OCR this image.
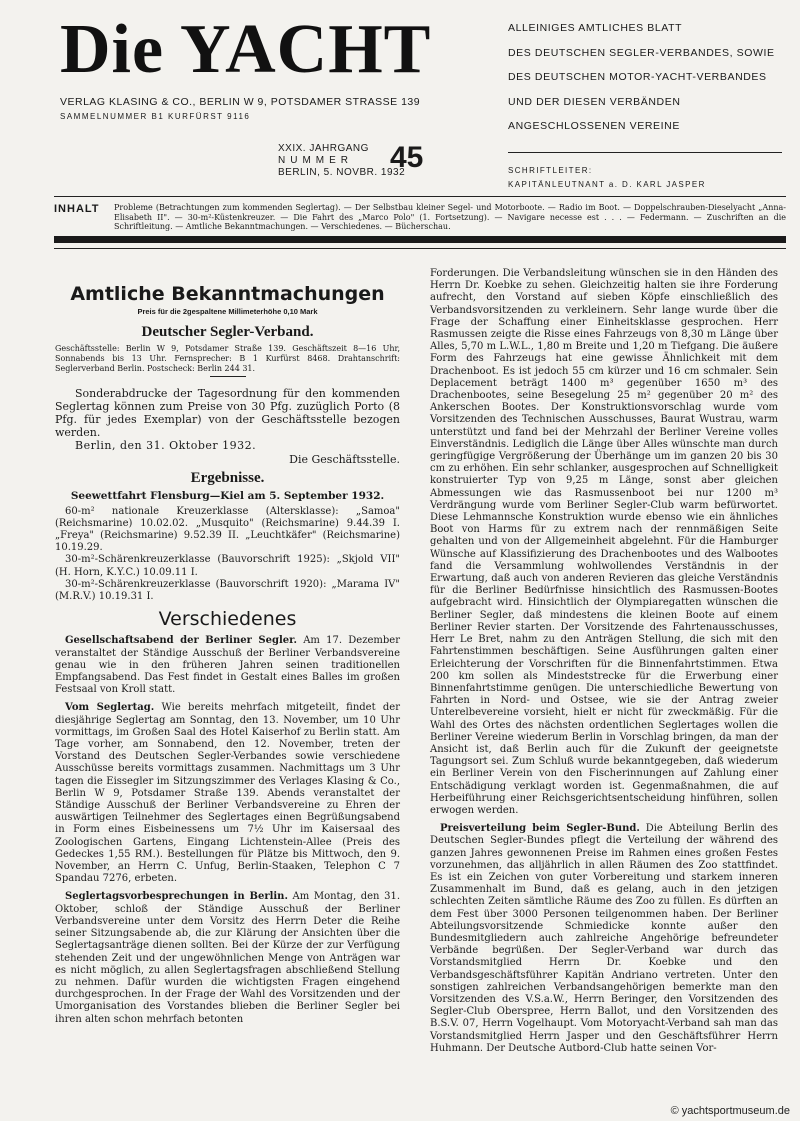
Die YACHT
VERLAG KLASING & CO., BERLIN W 9, POTSDAMER STRASSE 139
SAMMELNUMMER B1 KURFÜRST 9116
ALLEINIGES AMTLICHES BLATT
DES DEUTSCHEN SEGLER-VERBANDES, SOWIE
DES DEUTSCHEN MOTOR-YACHT-VERBANDES
UND DER DIESEN VERBÄNDEN
ANGESCHLOSSENEN VEREINE
XXIX. JAHRGANG
NUMMER
BERLIN, 5. NOVBR. 1932
45	SCHRIFTLEITER:
KAPITÄNLEUTNANT a. D. KARL JASPER
INHALT Probleme (Betrachtungen zum kommenden Seglertag). — Der Selbstbau kleiner Segel- und Motorboote. — Radio im Boot. — Doppelschrauben-Dieselyacht „Anna-Elisabeth II". — 30-m²-Küstenkreuzer. — Die Fahrt des „Marco Polo" (1. Fortsetzung). — Navigare necesse est . . . — Federmann. — Zuschriften an die Schriftleitung. — Amtliche Bekanntmachungen. — Verschiedenes. — Bücherschau.
Amtliche Bekanntmachungen
Preis für die 2gespaltene Millimeterhöhe 0,10 Mark
Deutscher Segler-Verband.

Geschäftsstelle: Berlin W 9, Potsdamer Straße 139. Geschäftszeit 8—16 Uhr, Sonnabends bis 13 Uhr. Fernsprecher: B 1 Kurfürst 8468. Drahtanschrift: Seglerverband Berlin. Postscheck: Berlin 244 31.

Sonderabdrucke der Tagesordnung für den kommenden Seglertag können zum Preise von 30 Pfg. zuzüglich Porto (8 Pfg. für jedes Exemplar) von der Geschäftsstelle bezogen werden.

Berlin, den 31. Oktober 1932.

Die Geschäftsstelle.

Ergebnisse.

Seewettfahrt Flensburg—Kiel am 5. September 1932.

60-m² nationale Kreuzerklasse (Altersklasse): „Samoa" (Reichsmarine) 10.02.02. „Musquito" (Reichsmarine) 9.44.39 I. „Freya" (Reichsmarine) 9.52.39 II. „Leuchtkäfer" (Reichsmarine) 10.19.29.

30-m²-Schärenkreuzerklasse (Bauvorschrift 1925): „Skjold VII" (H. Horn, K.Y.C.) 10.09.11 I.

30-m²-Schärenkreuzerklasse (Bauvorschrift 1920): „Marama IV" (M.R.V.) 10.19.31 I.

Verschiedenes

Gesellschaftsabend der Berliner Segler. Am 17. Dezember veranstaltet der Ständige Ausschuß der Berliner Verbandsvereine genau wie in den früheren Jahren seinen traditionellen Empfangsabend. Das Fest findet in Gestalt eines Balles im großen Festsaal von Kroll statt.

Vom Seglertag. Wie bereits mehrfach mitgeteilt, findet der diesjährige Seglertag am Sonntag, den 13. November, um 10 Uhr vormittags, im Großen Saal des Hotel Kaiserhof zu Berlin statt. Am Tage vorher, am Sonnabend, den 12. November, treten der Vorstand des Deutschen Segler-Verbandes sowie verschiedene Ausschüsse bereits vormittags zusammen. Nachmittags um 3 Uhr tagen die Eissegler im Sitzungszimmer des Verlages Klasing & Co., Berlin W 9, Potsdamer Straße 139. Abends veranstaltet der Ständige Ausschuß der Berliner Verbandsvereine zu Ehren der auswärtigen Teilnehmer des Seglertages einen Begrüßungsabend in Form eines Eisbeinessens um 7½ Uhr im Kaisersaal des Zoologischen Gartens, Eingang Lichtenstein-Allee (Preis des Gedeckes 1,55 RM.). Bestellungen für Plätze bis Mittwoch, den 9. November, an Herrn C. Unfug, Berlin-Staaken, Telephon C 7 Spandau 7276, erbeten.

Seglertagsvorbesprechungen in Berlin. Am Montag, den 31. Oktober, schloß der Ständige Ausschuß der Berliner Verbandsvereine unter dem Vorsitz des Herrn Deter die Reihe seiner Sitzungsabende ab, die zur Klärung der Ansichten über die Seglertagsanträge dienen sollten. Bei der Kürze der zur Verfügung stehenden Zeit und der ungewöhnlichen Menge von Anträgen war es nicht möglich, zu allen Seglertagsfragen abschließend Stellung zu nehmen. Dafür wurden die wichtigsten Fragen eingehend durchgesprochen. In der Frage der Wahl des Vorsitzenden und der Umorganisation des Vorstandes blieben die Berliner Segler bei ihren alten schon mehrfach betonten

Forderungen. Die Verbandsleitung wünschen sie in den Händen des Herrn Dr. Koebke zu sehen. Gleichzeitig halten sie ihre Forderung aufrecht, den Vorstand auf sieben Köpfe einschließlich des Verbandsvorsitzenden zu verkleinern. Sehr lange wurde über die Frage der Schaffung einer Einheitsklasse gesprochen. Herr Rasmussen zeigte die Risse eines Fahrzeugs von 8,30 m Länge über Alles, 5,70 m L.W.L., 1,80 m Breite und 1,20 m Tiefgang. Die äußere Form des Fahrzeugs hat eine gewisse Ähnlichkeit mit dem Drachenboot. Es ist jedoch 55 cm kürzer und 16 cm schmaler. Sein Deplacement beträgt 1400 m³ gegenüber 1650 m³ des Drachenbootes, seine Besegelung 25 m² gegenüber 20 m² des Ankerschen Bootes. Der Konstruktionsvorschlag wurde vom Vorsitzenden des Technischen Ausschusses, Baurat Wustrau, warm unterstützt und fand bei der Mehrzahl der Berliner Vereine volles Einverständnis. Lediglich die Länge über Alles wünschte man durch geringfügige Vergrößerung der Überhänge um im ganzen 20 bis 30 cm zu erhöhen. Ein sehr schlanker, ausgesprochen auf Schnelligkeit konstruierter Typ von 9,25 m Länge, sonst aber gleichen Abmessungen wie das Rasmussenboot bei nur 1200 m³ Verdrängung wurde vom Berliner Segler-Club warm befürwortet. Diese Lehmannsche Konstruktion wurde ebenso wie ein ähnliches Boot von Harms für zu extrem nach der rennmäßigen Seite gehalten und von der Allgemeinheit abgelehnt. Für die Hamburger Wünsche auf Klassifizierung des Drachenbootes und des Walbootes fand die Versammlung wohlwollendes Verständnis in der Erwartung, daß auch von anderen Revieren das gleiche Verständnis für die Berliner Bedürfnisse hinsichtlich des Rasmussen-Bootes aufgebracht wird. Hinsichtlich der Olympiaregatten wünschen die Berliner Segler, daß mindestens die kleinen Boote auf einem Berliner Revier starten. Der Vorsitzende des Fahrtenausschusses, Herr Le Bret, nahm zu den Anträgen Stellung, die sich mit den Fahrtenstimmen beschäftigen. Seine Ausführungen galten einer Erleichterung der Vorschriften für die Binnenfahrtstimmen. Etwa 200 km sollen als Mindeststrecke für die Erwerbung einer Binnenfahrtstimme genügen. Die unterschiedliche Bewertung von Fahrten in Nord- und Ostsee, wie sie der Antrag zweier Unterelbevereine vorsieht, hielt er nicht für zweckmäßig. Für die Wahl des Ortes des nächsten ordentlichen Seglertages wollen die Berliner Vereine wiederum Berlin in Vorschlag bringen, da man der Ansicht ist, daß Berlin auch für die Zukunft der geeignetste Tagungsort sei. Zum Schluß wurde bekanntgegeben, daß wiederum ein Berliner Verein von den Fischerinnungen auf Zahlung einer Entschädigung verklagt worden ist. Gegenmaßnahmen, die auf Herbeiführung einer Reichsgerichtsentscheidung hinführen, sollen erwogen werden.

Preisverteilung beim Segler-Bund. Die Abteilung Berlin des Deutschen Segler-Bundes pflegt die Verteilung der während des ganzen Jahres gewonnenen Preise im Rahmen eines großen Festes vorzunehmen, das alljährlich in allen Räumen des Zoo stattfindet. Es ist ein Zeichen von guter Vorbereitung und starkem inneren Zusammenhalt im Bund, daß es gelang, auch in den jetzigen schlechten Zeiten sämtliche Räume des Zoo zu füllen. Es dürften an dem Fest über 3000 Personen teilgenommen haben. Der Berliner Abteilungsvorsitzende Schmiedicke konnte außer den Bundesmitgliedern auch zahlreiche Angehörige befreundeter Verbände begrüßen. Der Segler-Verband war durch das Vorstandsmitglied Herrn Dr. Koebke und den Verbandsgeschäftsführer Kapitän Andriano vertreten. Unter den sonstigen zahlreichen Verbandsangehörigen bemerkte man den Vorsitzenden des V.S.a.W., Herrn Beringer, den Vorsitzenden des Segler-Club Oberspree, Herrn Ballot, und den Vorsitzenden des B.S.V. 07, Herrn Vogelhaupt. Vom Motoryacht-Verband sah man das Vorstandsmitglied Herrn Jasper und den Geschäftsführer Herrn Huhmann. Der Deutsche Autbord-Club hatte seinen Vor-

© yachtsportmuseum.de
